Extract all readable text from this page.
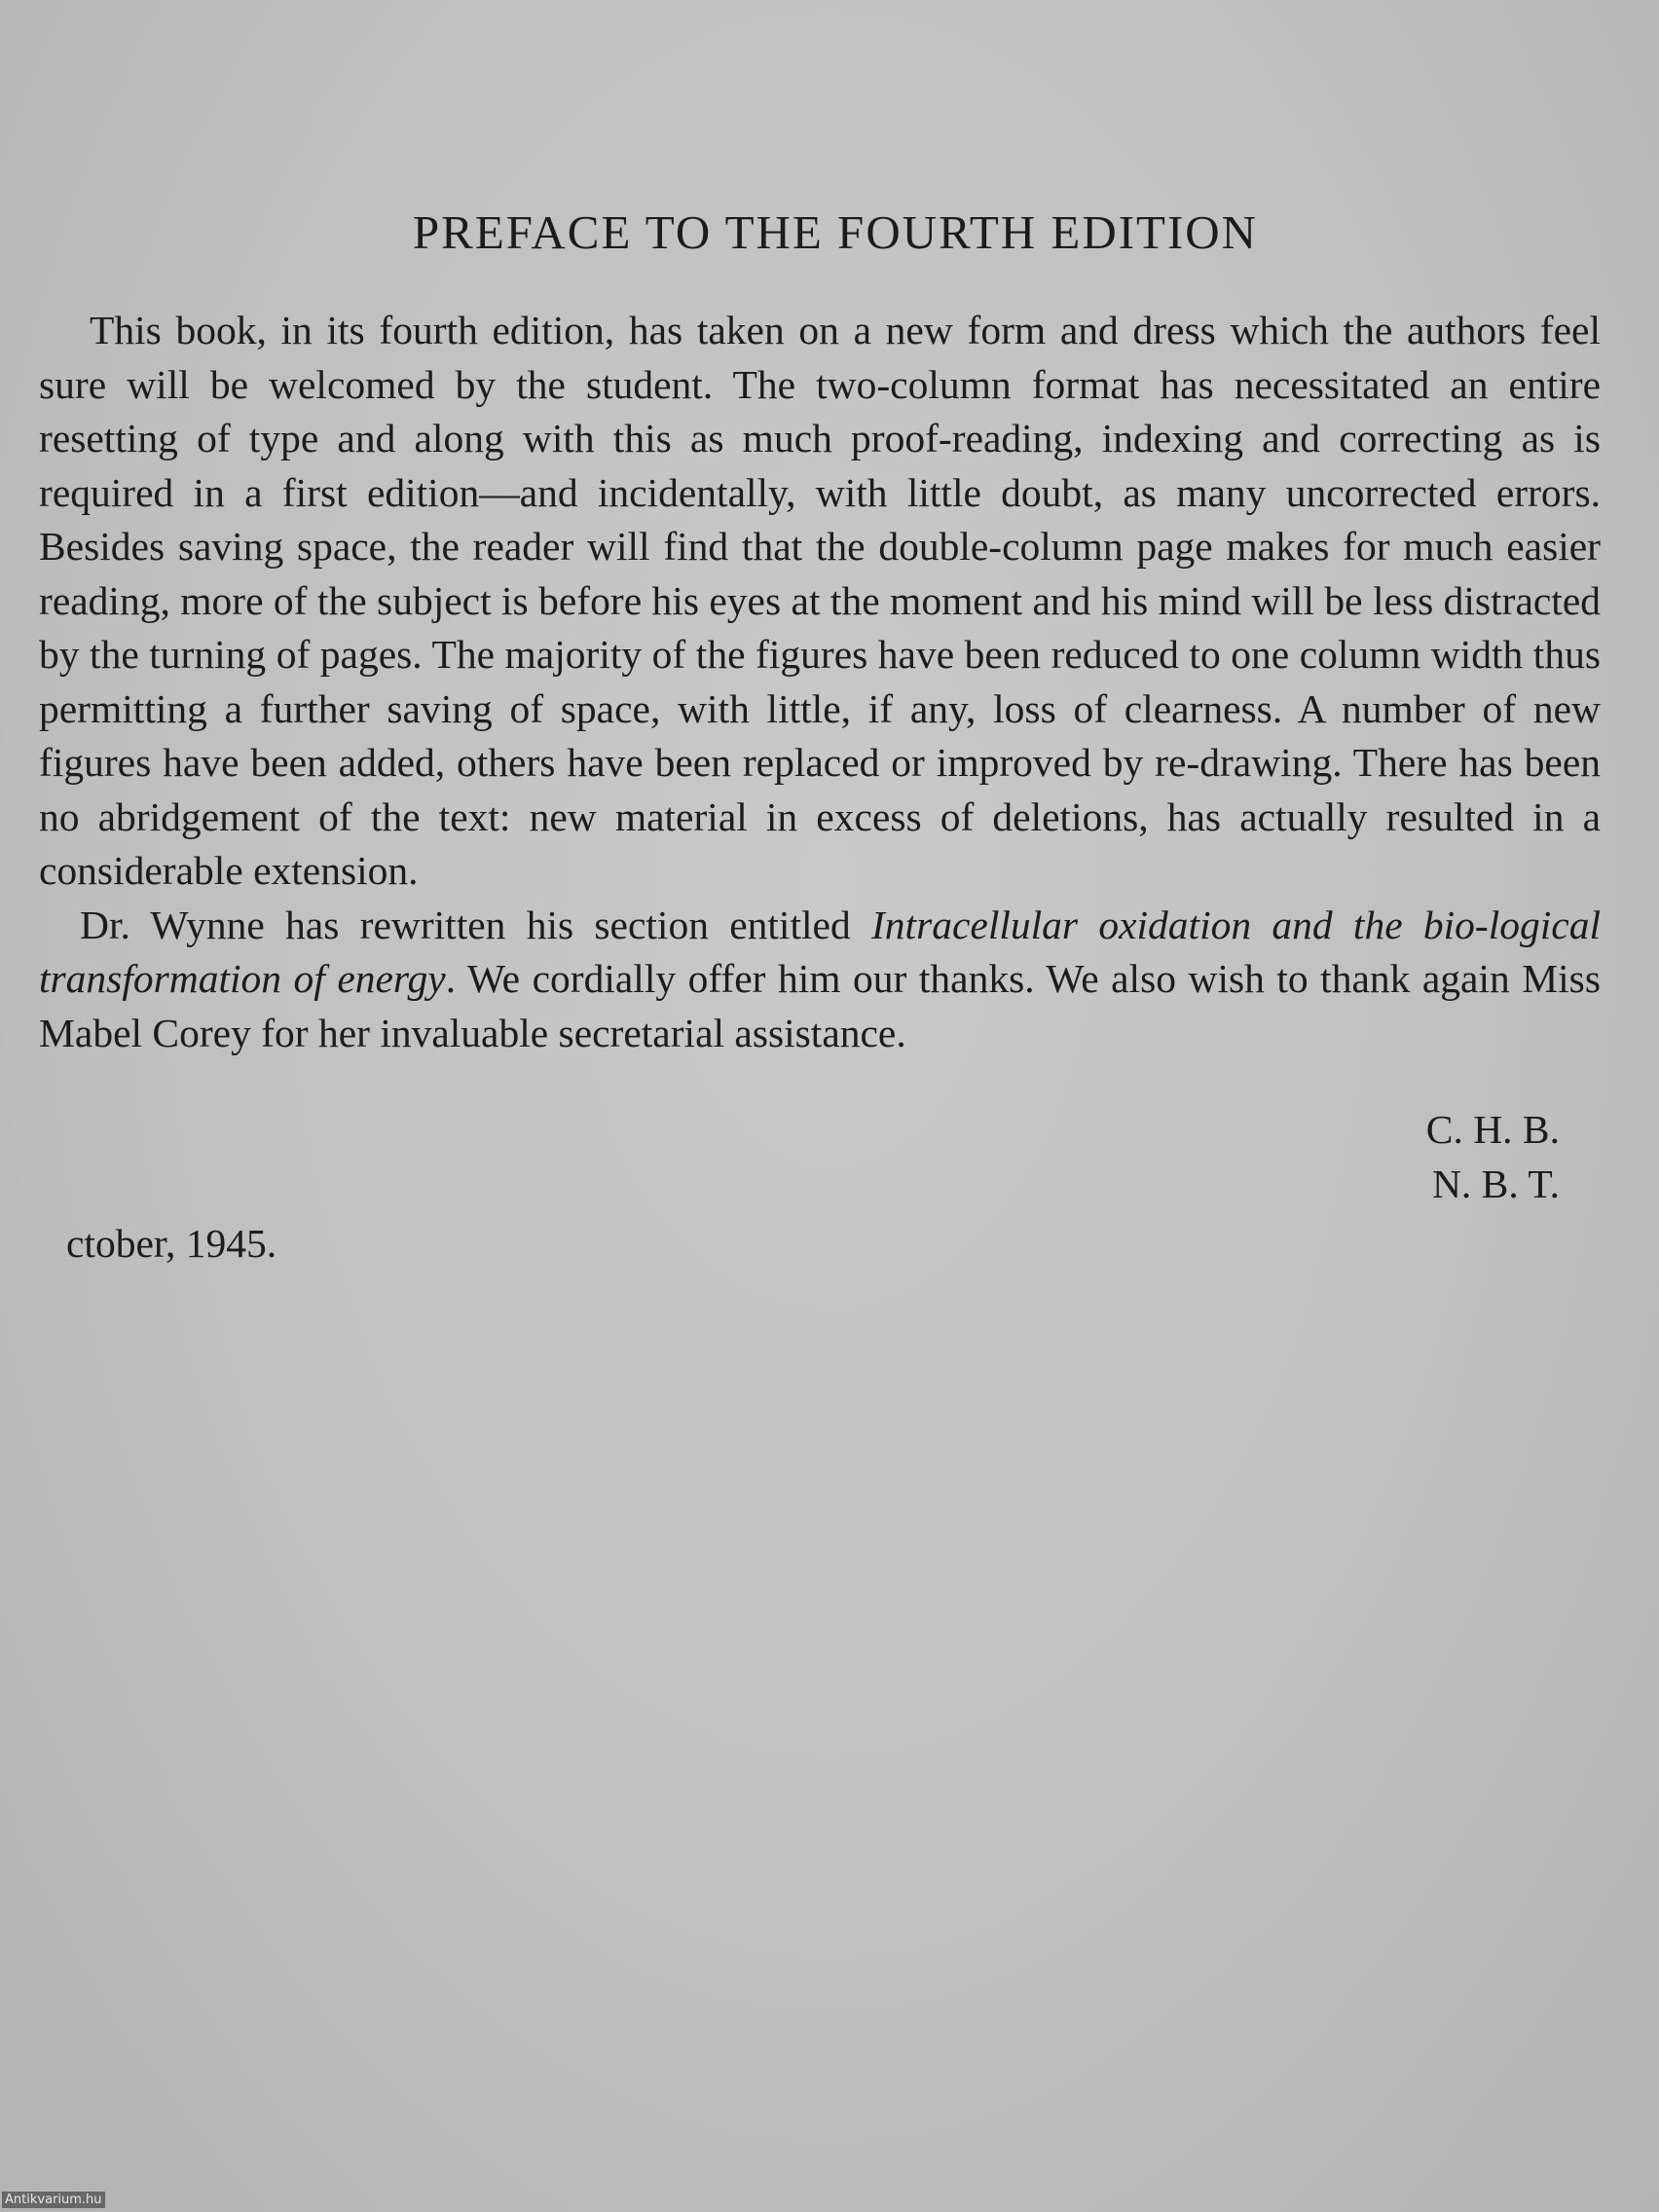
PREFACE TO THE FOURTH EDITION

This book, in its fourth edition, has taken on a new form and dress which the authors feel sure will be welcomed by the student. The two-column format has necessitated an entire resetting of type and along with this as much proof-reading, indexing and correcting as is required in a first edition—and incidentally, with little doubt, as many uncorrected errors. Besides saving space, the reader will find that the double-column page makes for much easier reading, more of the subject is before his eyes at the moment and his mind will be less distracted by the turning of pages. The majority of the figures have been reduced to one column width thus permitting a further saving of space, with little, if any, loss of clearness. A number of new figures have been added, others have been replaced or improved by re-drawing. There has been no abridgement of the text: new material in excess of deletions, has actually resulted in a considerable extension.

Dr. Wynne has rewritten his section entitled Intracellular oxidation and the bio-logical transformation of energy. We cordially offer him our thanks. We also wish to thank again Miss Mabel Corey for her invaluable secretarial assistance.

C. H. B.
N. B. T.
ctober, 1945.
Antikvarium.hu
